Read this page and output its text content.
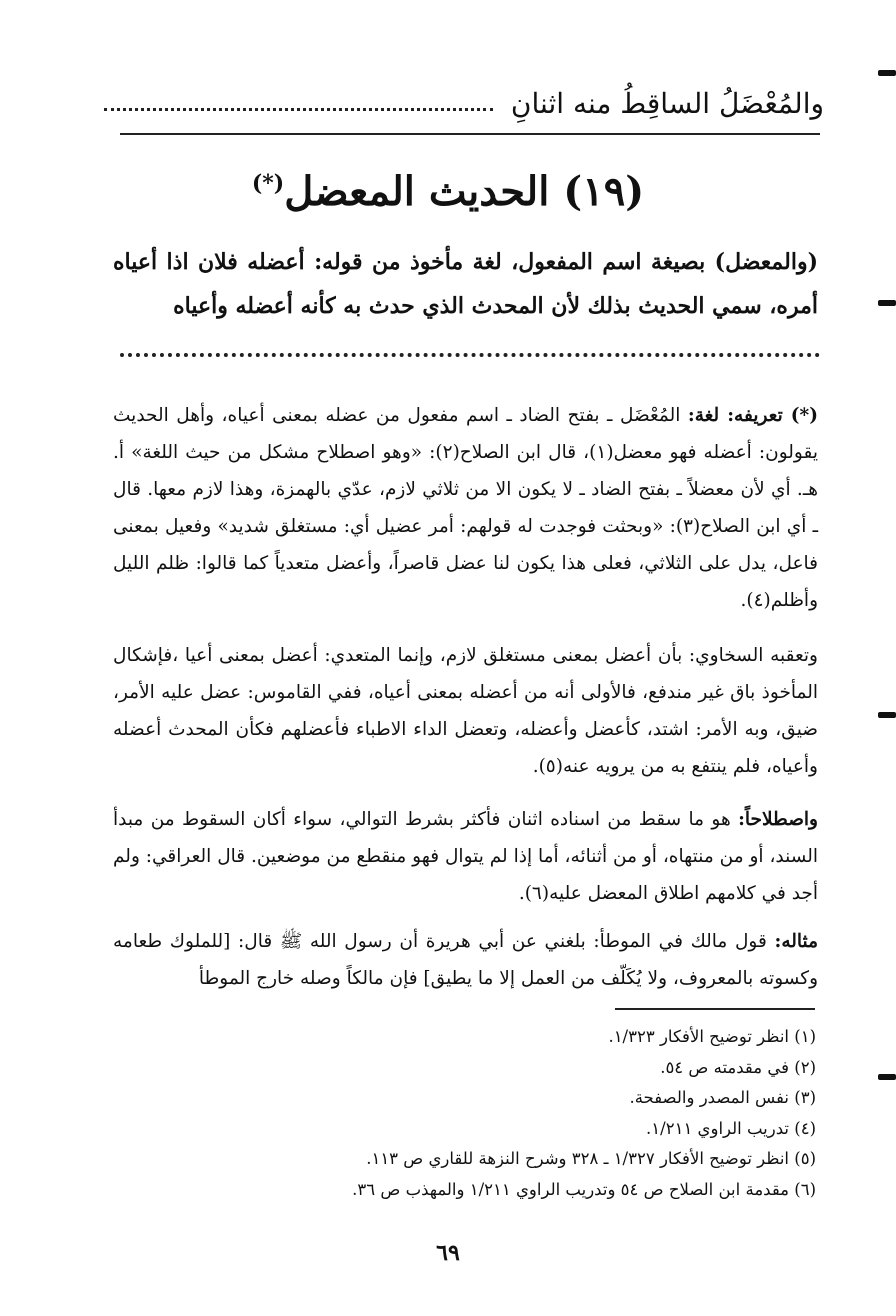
والمُعْضَلُ الساقِطُ منه اثنانِ
(١٩) الحديث المعضل(*)
(والمعضل) بصيغة اسم المفعول، لغة مأخوذ من قوله: أعضله فلان اذا أعياه أمره، سمي الحديث بذلك لأن المحدث الذي حدث به كأنه أعضله وأعياه

(*) تعريفه: لغة: المُعْضَل ـ بفتح الضاد ـ اسم مفعول من عضله بمعنى أعياه، وأهل الحديث يقولون: أعضله فهو معضل(١)، قال ابن الصلاح(٢): «وهو اصطلاح مشكل من حيث اللغة» أ. هـ. أي لأن معضلاً ـ بفتح الضاد ـ لا يكون الا من ثلاثي لازم، عدّي بالهمزة، وهذا لازم معها. قال ـ أي ابن الصلاح(٣): «وبحثت فوجدت له قولهم: أمر عضيل أي: مستغلق شديد» وفعيل بمعنى فاعل، يدل على الثلاثي، فعلى هذا يكون لنا عضل قاصراً، وأعضل متعدياً كما قالوا: ظلم الليل وأظلم(٤).

وتعقبه السخاوي: بأن أعضل بمعنى مستغلق لازم، وإنما المتعدي: أعضل بمعنى أعيا ،فإشكال المأخوذ باق غير مندفع، فالأولى أنه من أعضله بمعنى أعياه، ففي القاموس: عضل عليه الأمر، ضيق، وبه الأمر: اشتد، كأعضل وأعضله، وتعضل الداء الاطباء فأعضلهم فكأن المحدث أعضله وأعياه، فلم ينتفع به من يرويه عنه(٥).

واصطلاحاً: هو ما سقط من اسناده اثنان فأكثر بشرط التوالي، سواء أكان السقوط من مبدأ السند، أو من منتهاه، أو من أثنائه، أما إذا لم يتوال فهو منقطع من موضعين. قال العراقي: ولم أجد في كلامهم اطلاق المعضل عليه(٦).

مثاله: قول مالك في الموطأ: بلغني عن أبي هريرة أن رسول الله ﷺ قال: [للملوك طعامه وكسوته بالمعروف، ولا يُكَلّف من العمل إلا ما يطيق] فإن مالكاً وصله خارج الموطأ

(١) انظر توضيح الأفكار ١/٣٢٣.
(٢) في مقدمته ص ٥٤.
(٣) نفس المصدر والصفحة.
(٤) تدريب الراوي ١/٢١١.
(٥) انظر توضيح الأفكار ١/٣٢٧ ـ ٣٢٨ وشرح النزهة للقاري ص ١١٣.
(٦) مقدمة ابن الصلاح ص ٥٤ وتدريب الراوي ١/٢١١ والمهذب ص ٣٦.
٦٩
